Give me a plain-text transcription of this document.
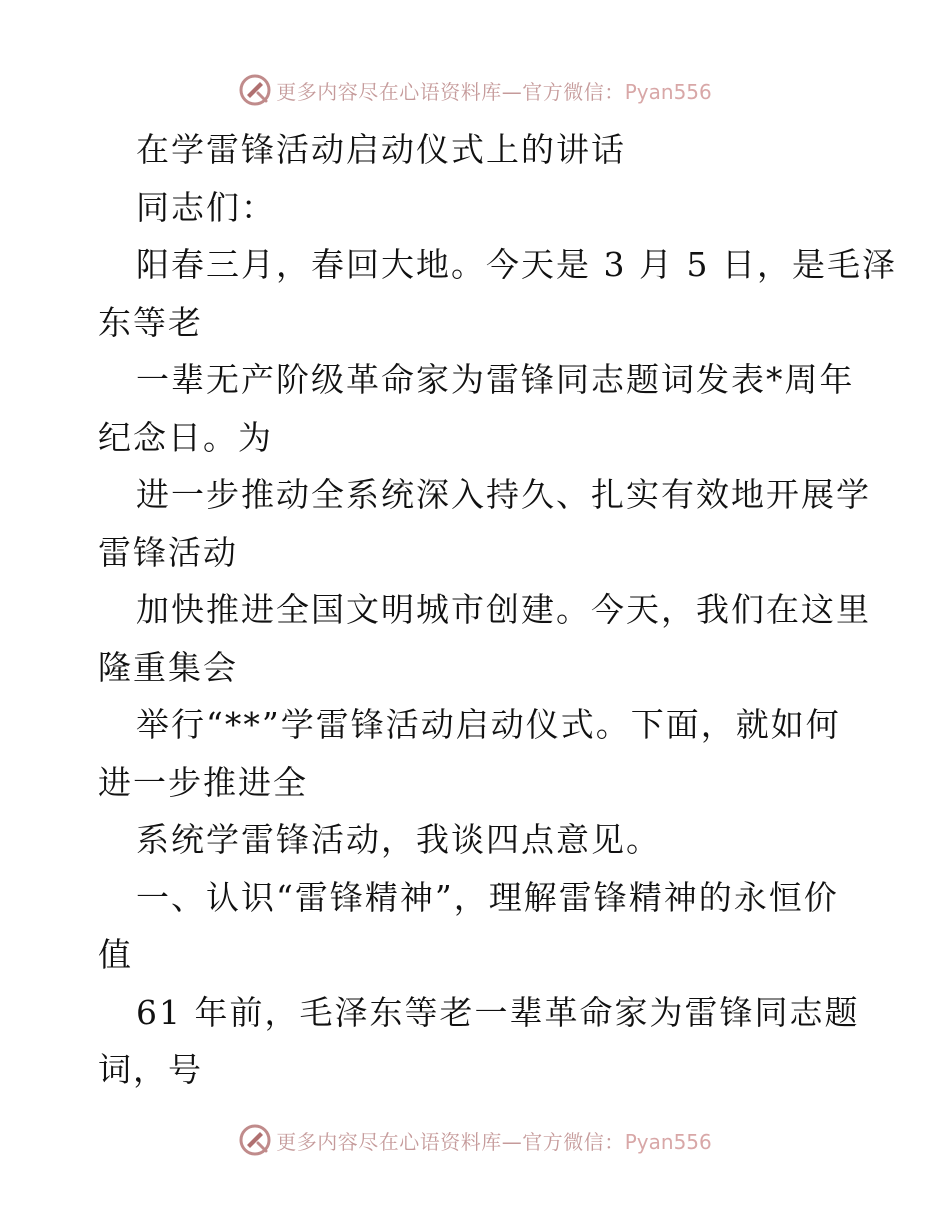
更多内容尽在心语资料库—官方微信：Pyan556
在学雷锋活动启动仪式上的讲话
同志们：
阳春三月，春回大地。今天是 3 月 5 日，是毛泽
东等老
一辈无产阶级革命家为雷锋同志题词发表*周年
纪念日。为
进一步推动全系统深入持久、扎实有效地开展学
雷锋活动
加快推进全国文明城市创建。今天，我们在这里
隆重集会
举行“**”学雷锋活动启动仪式。下面，就如何
进一步推进全
系统学雷锋活动，我谈四点意见。
一、认识“雷锋精神”，理解雷锋精神的永恒价
值
61 年前，毛泽东等老一辈革命家为雷锋同志题
词，号
更多内容尽在心语资料库—官方微信：Pyan556
